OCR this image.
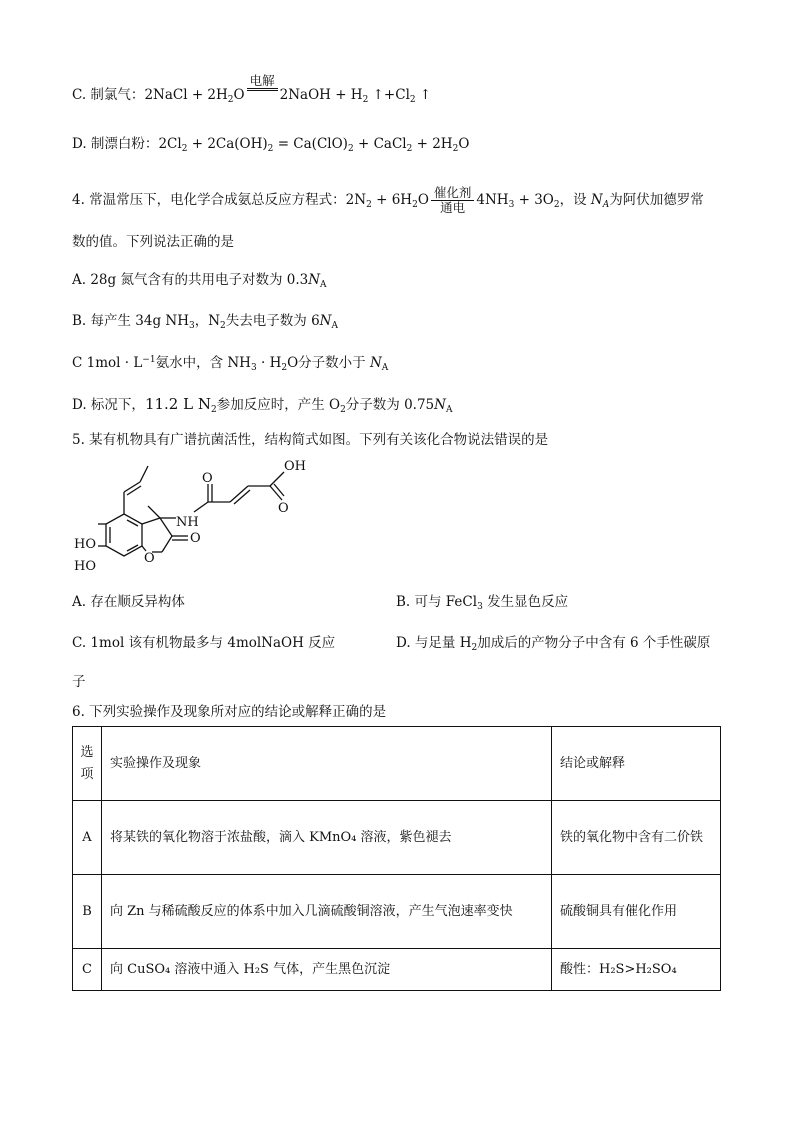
C. 制氯气：2NaCl + $2H_2O$
电解

2NaOH + $H_2$ $↑+Cl_2$ ↑
D. 制漂白粉：$2Cl_2 + 2Ca(OH)_2 = Ca(ClO)_2$ + CaCl$_2$ + $2H_2O$
4. 常温常压下，电化学合成氨总反应方程式：$2N_2 + 6H_2O$ 催化剂
通电 $4NH_3 + 3O_2$，设 $N_A$为阿伏加德罗常
数的值。下列说法正确的是
A. 28g 氮气含有的共用电子对数为 $0.3N_A$
B. 每产生 34g $NH_3$，$N_2$失去电子数为 $6N_A$
C $1mol \cdot L^{-1}$氨水中，含 $NH_3 \cdot H_2O$分子数小于 $N_A$
D. 标况下，11.2 L $N_2$参加反应时，产生 $O_2$分子数为 $0.75N_A$
5. 某有机物具有广谱抗菌活性，结构简式如图。下列有关该化合物说法错误的是
OH
O
O
NH
HO
HO
O
O
A. 存在顺反异构体	B. 可与 FeCl$_3$ 发生显色反应
C. 1mol 该有机物最多与 4molNaOH 反应	D. 与足量 $H_2$加成后的产物分子中含有 6 个手性碳原
子
6. 下列实验操作及现象所对应的结论或解释正确的是
选项	实验操作及现象	结论或解释
A	将某铁的氧化物溶于浓盐酸，滴入 KMnO₄ 溶液，紫色褪去	铁的氧化物中含有二价铁
B	向 Zn 与稀硫酸反应的体系中加入几滴硫酸铜溶液，产生气泡速率变快	硫酸铜具有催化作用
C	向 CuSO₄ 溶液中通入 H₂S 气体，产生黑色沉淀	酸性：H₂S>H₂SO₄
